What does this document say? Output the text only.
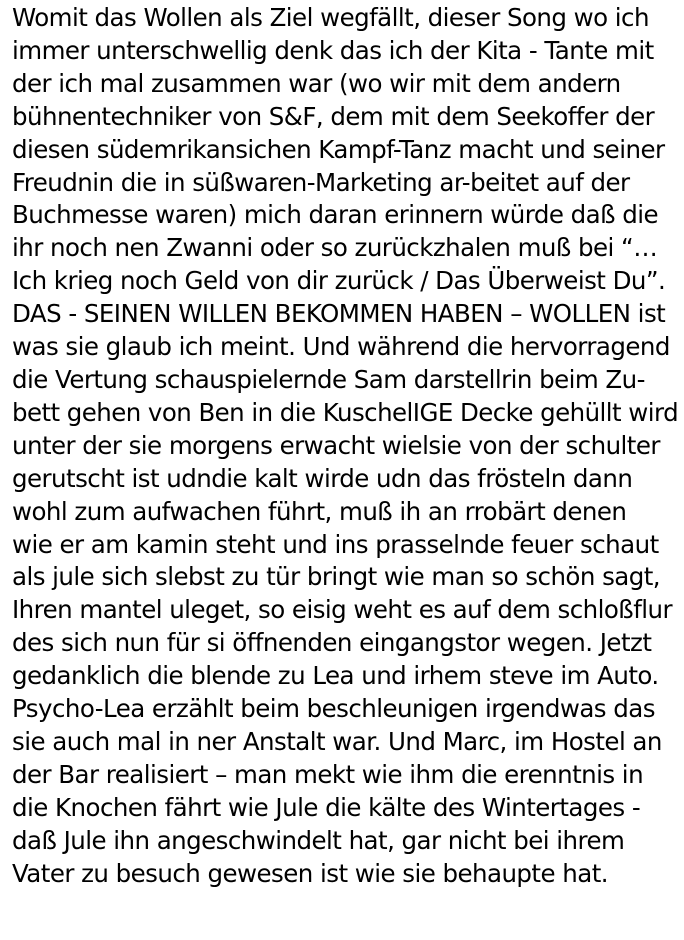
Womit das Wollen als Ziel wegfällt, dieser Song wo ich
immer unterschwellig denk das ich der Kita - Tante mit
der ich mal zusammen war (wo wir mit dem andern
bühnentechniker von S&F, dem mit dem Seekoffer der
diesen südemrikansichen Kampf-Tanz macht und seiner
Freudnin die in süßwaren-Marketing ar-beitet auf der
Buchmesse waren) mich daran erinnern würde daß die
ihr noch nen Zwanni oder so zurückzhalen muß bei “…
Ich krieg noch Geld von dir zurück / Das Überweist Du”.
DAS - SEINEN WILLEN BEKOMMEN HABEN – WOLLEN ist
was sie glaub ich meint. Und während die hervorragend
die Vertung schauspielernde Sam darstellrin beim Zu-
bett gehen von Ben in die KuschelIGE Decke gehüllt wird
unter der sie morgens erwacht wielsie von der schulter
gerutscht ist udndie kalt wirde udn das frösteln dann
wohl zum aufwachen führt, muß ih an rrobärt denen
wie er am kamin steht und ins prasselnde feuer schaut
als jule sich slebst zu tür bringt wie man so schön sagt,
Ihren mantel uleget, so eisig weht es auf dem schloßflur
des sich nun für si öffnenden eingangstor wegen. Jetzt
gedanklich die blende zu Lea und irhem steve im Auto.
Psycho-Lea erzählt beim beschleunigen irgendwas das
sie auch mal in ner Anstalt war. Und Marc, im Hostel an
der Bar realisiert – man mekt wie ihm die erenntnis in
die Knochen fährt wie Jule die kälte des Wintertages -
daß Jule ihn angeschwindelt hat, gar nicht bei ihrem
Vater zu besuch gewesen ist wie sie behaupte hat.
